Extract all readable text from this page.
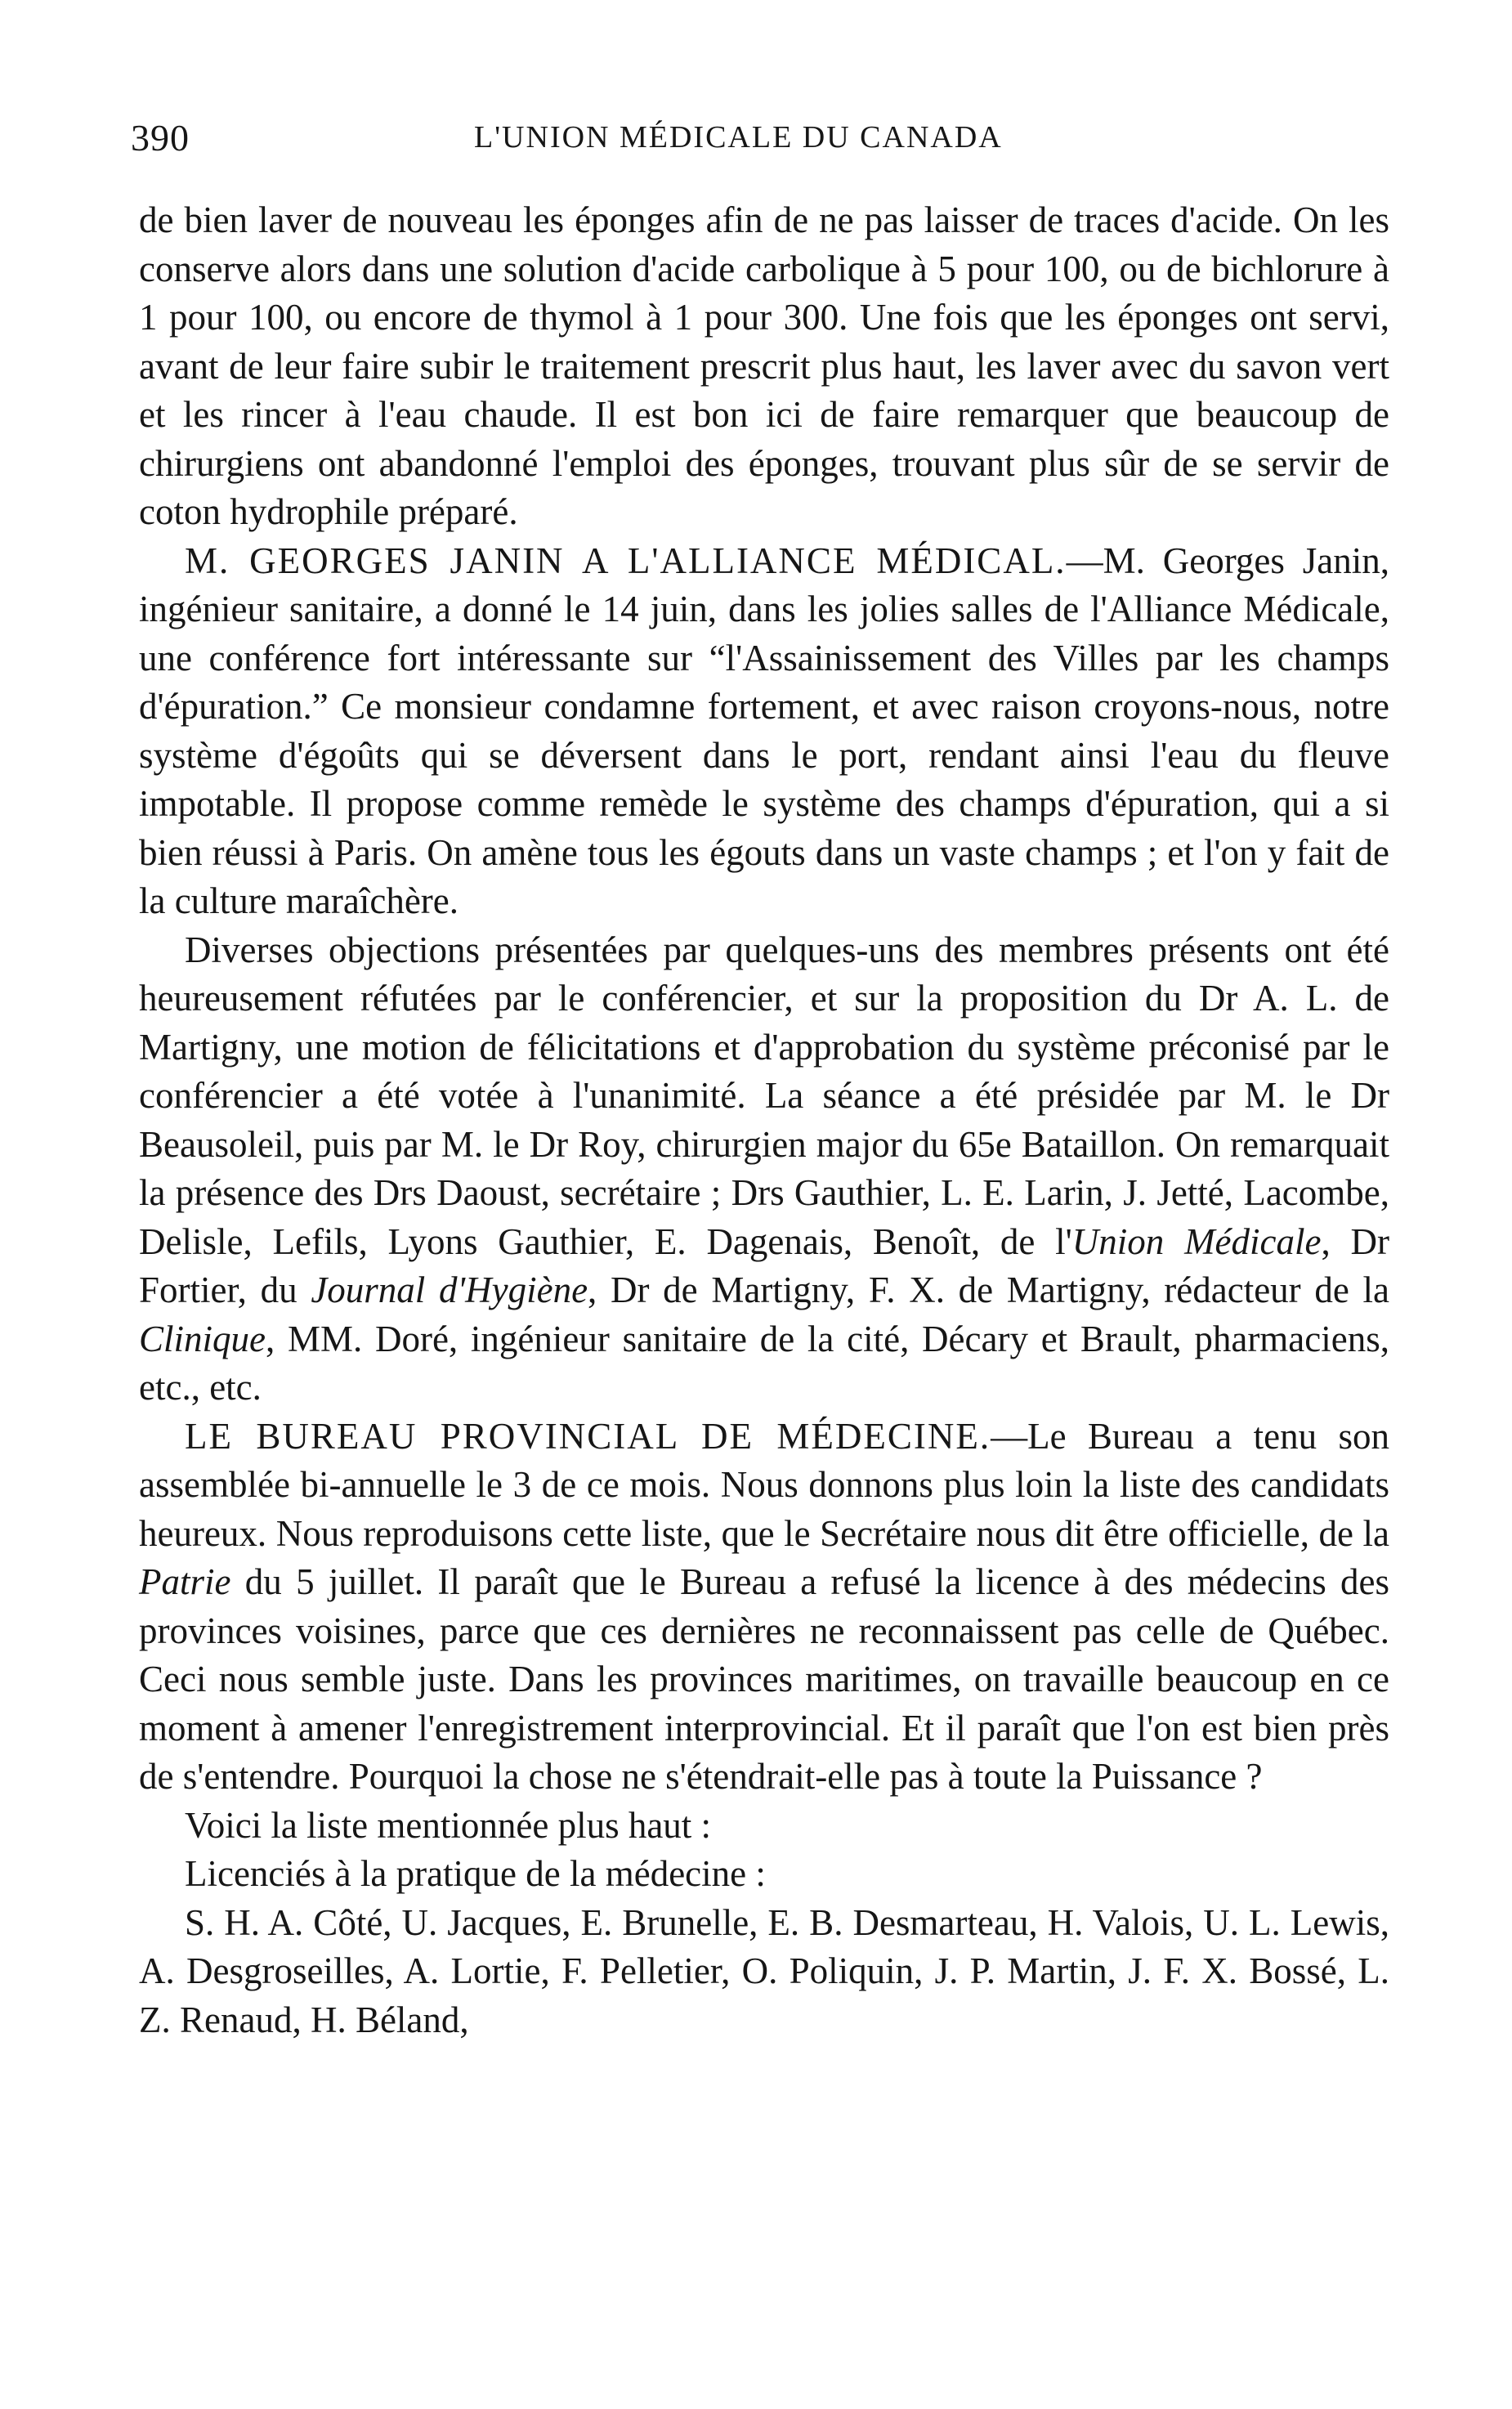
390	L'UNION MÉDICALE DU CANADA

de bien laver de nouveau les éponges afin de ne pas laisser de traces d'acide. On les conserve alors dans une solution d'acide carbolique à 5 pour 100, ou de bichlorure à 1 pour 100, ou encore de thymol à 1 pour 300. Une fois que les éponges ont servi, avant de leur faire subir le traitement prescrit plus haut, les laver avec du savon vert et les rincer à l'eau chaude. Il est bon ici de faire remarquer que beaucoup de chirurgiens ont abandonné l'emploi des éponges, trouvant plus sûr de se servir de coton hydrophile préparé.

M. GEORGES JANIN A L'ALLIANCE MÉDICAL.—M. Georges Janin, ingénieur sanitaire, a donné le 14 juin, dans les jolies salles de l'Alliance Médicale, une conférence fort intéressante sur “l'Assainissement des Villes par les champs d'épuration.” Ce monsieur condamne fortement, et avec raison croyons-nous, notre système d'égoûts qui se déversent dans le port, rendant ainsi l'eau du fleuve impotable. Il propose comme remède le système des champs d'épuration, qui a si bien réussi à Paris. On amène tous les égouts dans un vaste champs ; et l'on y fait de la culture maraîchère.

Diverses objections présentées par quelques-uns des membres présents ont été heureusement réfutées par le conférencier, et sur la proposition du Dr A. L. de Martigny, une motion de félicitations et d'approbation du système préconisé par le conférencier a été votée à l'unanimité. La séance a été présidée par M. le Dr Beausoleil, puis par M. le Dr Roy, chirurgien major du 65e Bataillon. On remarquait la présence des Drs Daoust, secrétaire ; Drs Gauthier, L. E. Larin, J. Jetté, Lacombe, Delisle, Lefils, Lyons Gauthier, E. Dagenais, Benoît, de l'Union Médicale, Dr Fortier, du Journal d'Hygiène, Dr de Martigny, F. X. de Martigny, rédacteur de la Clinique, MM. Doré, ingénieur sanitaire de la cité, Décary et Brault, pharmaciens, etc., etc.

LE BUREAU PROVINCIAL DE MÉDECINE.—Le Bureau a tenu son assemblée bi-annuelle le 3 de ce mois. Nous donnons plus loin la liste des candidats heureux. Nous reproduisons cette liste, que le Secrétaire nous dit être officielle, de la Patrie du 5 juillet. Il paraît que le Bureau a refusé la licence à des médecins des provinces voisines, parce que ces dernières ne reconnaissent pas celle de Québec. Ceci nous semble juste. Dans les provinces maritimes, on travaille beaucoup en ce moment à amener l'enregistrement interprovincial. Et il paraît que l'on est bien près de s'entendre. Pourquoi la chose ne s'étendrait-elle pas à toute la Puissance ?

Voici la liste mentionnée plus haut :

Licenciés à la pratique de la médecine :

S. H. A. Côté, U. Jacques, E. Brunelle, E. B. Desmarteau, H. Valois, U. L. Lewis, A. Desgroseilles, A. Lortie, F. Pelletier, O. Poliquin, J. P. Martin, J. F. X. Bossé, L. Z. Renaud, H. Béland,
